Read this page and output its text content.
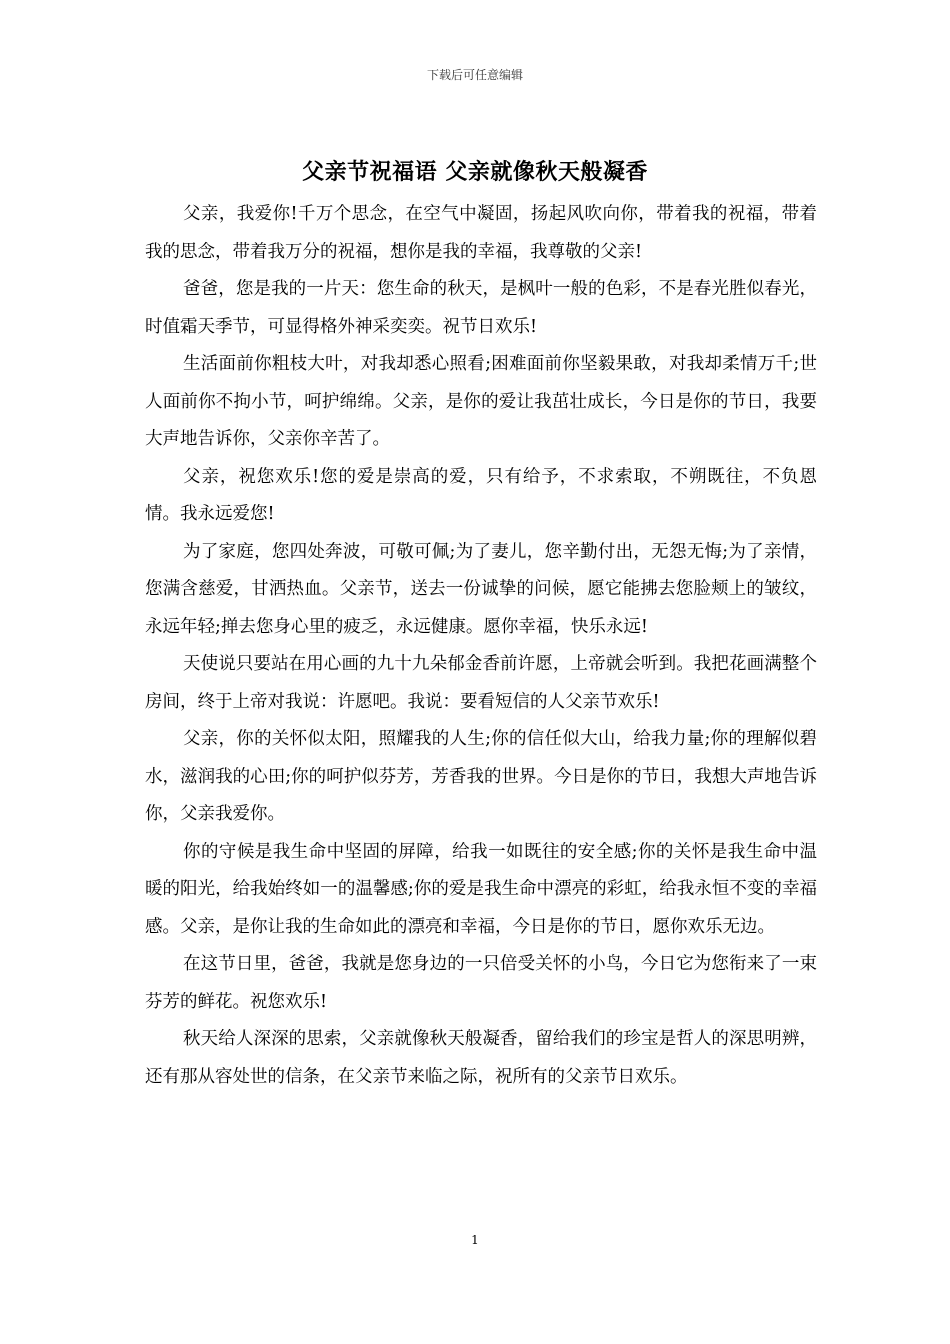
下载后可任意编辑
父亲节祝福语 父亲就像秋天般凝香

父亲，我爱你!千万个思念，在空气中凝固，扬起风吹向你，带着我的祝福，带着我的思念，带着我万分的祝福，想你是我的幸福，我尊敬的父亲!

爸爸，您是我的一片天：您生命的秋天，是枫叶一般的色彩，不是春光胜似春光，时值霜天季节，可显得格外神采奕奕。祝节日欢乐!

生活面前你粗枝大叶，对我却悉心照看;困难面前你坚毅果敢，对我却柔情万千;世人面前你不拘小节，呵护绵绵。父亲，是你的爱让我茁壮成长，今日是你的节日，我要大声地告诉你，父亲你辛苦了。

父亲，祝您欢乐!您的爱是崇高的爱，只有给予，不求索取，不朔既往，不负恩情。我永远爱您!

为了家庭，您四处奔波，可敬可佩;为了妻儿，您辛勤付出，无怨无悔;为了亲情，您满含慈爱，甘洒热血。父亲节，送去一份诚挚的问候，愿它能拂去您脸颊上的皱纹，永远年轻;掸去您身心里的疲乏，永远健康。愿你幸福，快乐永远!

天使说只要站在用心画的九十九朵郁金香前许愿，上帝就会听到。我把花画满整个房间，终于上帝对我说：许愿吧。我说：要看短信的人父亲节欢乐!

父亲，你的关怀似太阳，照耀我的人生;你的信任似大山，给我力量;你的理解似碧水，滋润我的心田;你的呵护似芬芳，芳香我的世界。今日是你的节日，我想大声地告诉你，父亲我爱你。

你的守候是我生命中坚固的屏障，给我一如既往的安全感;你的关怀是我生命中温暖的阳光，给我始终如一的温馨感;你的爱是我生命中漂亮的彩虹，给我永恒不变的幸福感。父亲，是你让我的生命如此的漂亮和幸福，今日是你的节日，愿你欢乐无边。

在这节日里，爸爸，我就是您身边的一只倍受关怀的小鸟，今日它为您衔来了一束芬芳的鲜花。祝您欢乐!

秋天给人深深的思索，父亲就像秋天般凝香，留给我们的珍宝是哲人的深思明辨，还有那从容处世的信条，在父亲节来临之际，祝所有的父亲节日欢乐。

1
